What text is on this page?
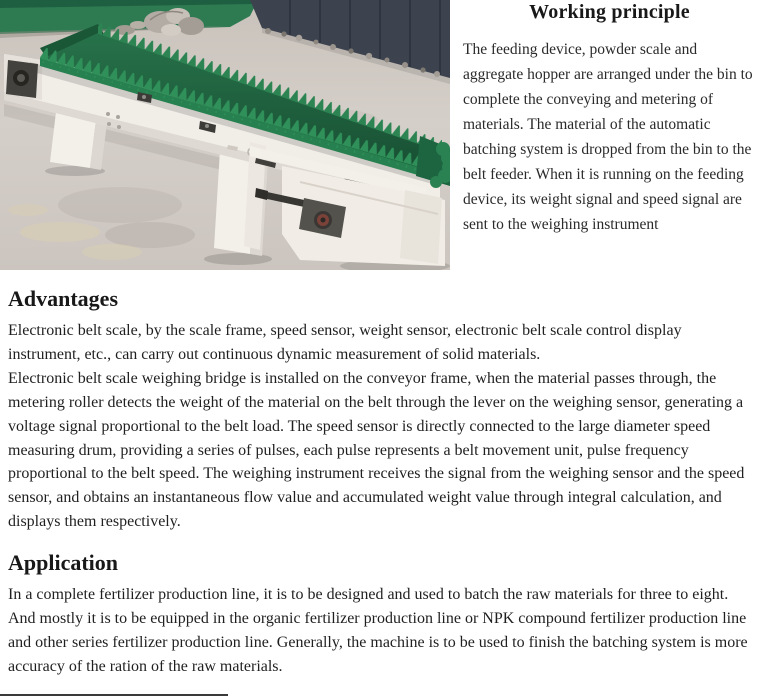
Working principle

The feeding device, powder scale and aggregate hopper are arranged under the bin to complete the conveying and metering of materials. The material of the automatic batching system is dropped from the bin to the belt feeder. When it is running on the feeding device, its weight signal and speed signal are sent to the weighing instrument

Advantages

Electronic belt scale, by the scale frame, speed sensor, weight sensor, electronic belt scale control display instrument, etc., can carry out continuous dynamic measurement of solid materials.

Electronic belt scale weighing bridge is installed on the conveyor frame, when the material passes through, the metering roller detects the weight of the material on the belt through the lever on the weighing sensor, generating a voltage signal proportional to the belt load. The speed sensor is directly connected to the large diameter speed measuring drum, providing a series of pulses, each pulse represents a belt movement unit, pulse frequency proportional to the belt speed. The weighing instrument receives the signal from the weighing sensor and the speed sensor, and obtains an instantaneous flow value and accumulated weight value through integral calculation, and displays them respectively.

Application

In a complete fertilizer production line, it is to be designed and used to batch the raw materials for three to eight. And mostly it is to be equipped in the organic fertilizer production line or NPK compound fertilizer production line and other series fertilizer production line. Generally, the machine is to be used to finish the batching system is more accuracy of the ration of the raw materials.
